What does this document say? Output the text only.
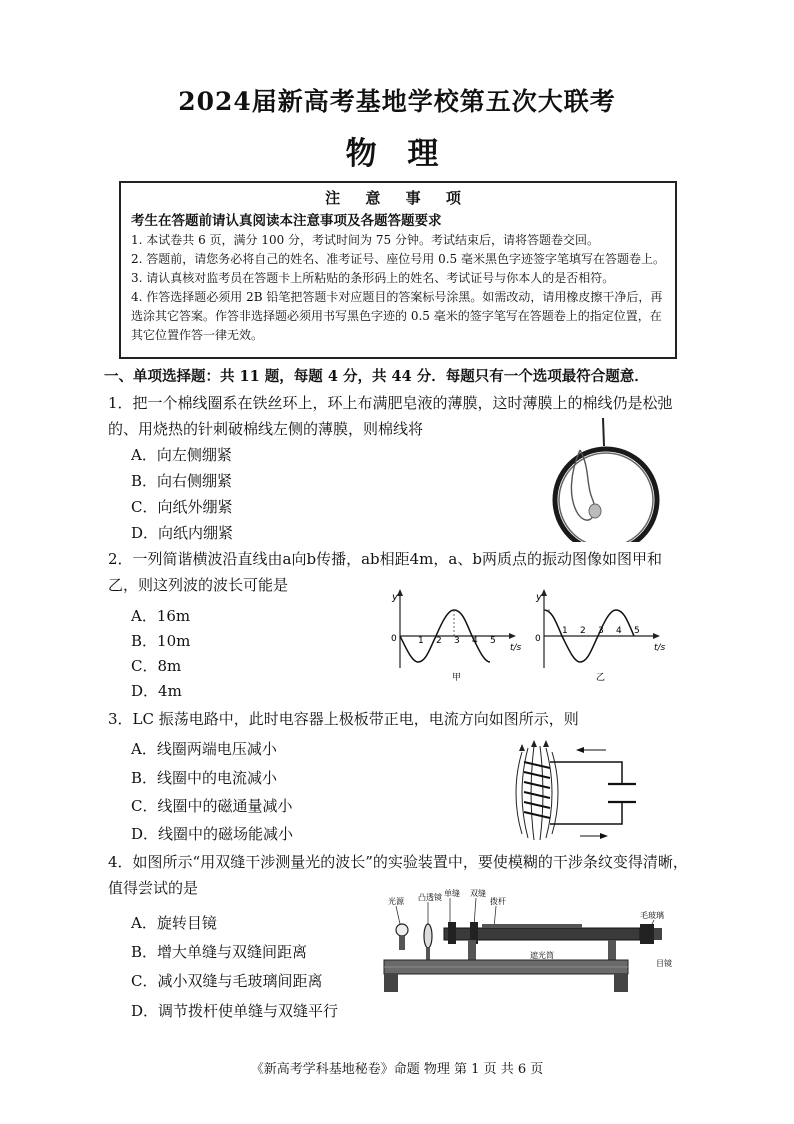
2024届新高考基地学校第五次大联考
物 理
注 意 事 项
考生在答题前请认真阅读本注意事项及各题答题要求
1. 本试卷共 6 页，满分 100 分，考试时间为 75 分钟。考试结束后，请将答题卷交回。
2. 答题前，请您务必将自己的姓名、准考证号、座位号用 0.5 毫米黑色字迹签字笔填写在答题卷上。
3. 请认真核对监考员在答题卡上所粘贴的条形码上的姓名、考试证号与你本人的是否相符。
4. 作答选择题必须用 2B 铅笔把答题卡对应题目的答案标号涂黑。如需改动，请用橡皮擦干净后，再选涂其它答案。作答非选择题必须用书写黑色字迹的 0.5 毫米的签字笔写在答题卷上的指定位置，在其它位置作答一律无效。
一、单项选择题：共 11 题，每题 4 分，共 44 分．每题只有一个选项最符合题意．
1．把一个棉线圈系在铁丝环上，环上布满肥皂液的薄膜，这时薄膜上的棉线仍是松弛的、用烧热的针刺破棉线左侧的薄膜，则棉线将
A．向左侧绷紧
B．向右侧绷紧
C．向纸外绷紧
D．向纸内绷紧
2．一列简谐横波沿直线由a向b传播，ab相距4m，a、b两质点的振动图像如图甲和乙，则这列波的波长可能是
A．16m
B．10m
C．8m
D．4m
y
0 1 2 3 4 5
t/s
甲
y
0
1 2 3 4 5
t/s
乙
3．LC 振荡电路中，此时电容器上极板带正电，电流方向如图所示，则
A．线圈两端电压减小
B．线圈中的电流减小
C．线圈中的磁通量减小
D．线圈中的磁场能减小
4．如图所示“用双缝干涉测量光的波长”的实验装置中，要使模糊的干涉条纹变得清晰，值得尝试的是
A．旋转目镜
B．增大单缝与双缝间距离
C．减小双缝与毛玻璃间距离
D．调节拨杆使单缝与双缝平行
光源 凸透镜 单缝 双缝
拨杆
毛玻璃
遮光筒
目镜
《新高考学科基地秘卷》命题 物理 第 1 页 共 6 页
